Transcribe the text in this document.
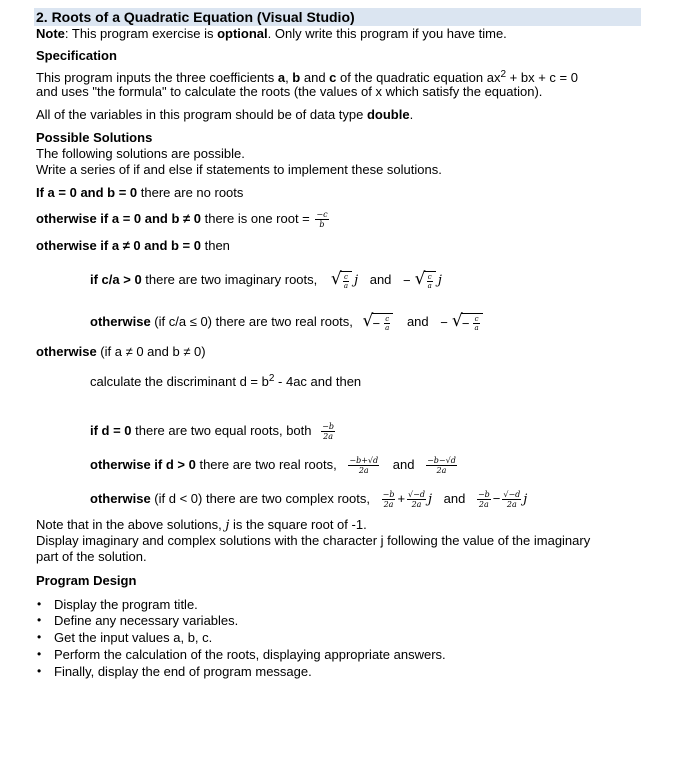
2. Roots of a Quadratic Equation (Visual Studio)
Note: This program exercise is optional. Only write this program if you have time.
Specification
This program inputs the three coefficients a, b and c of the quadratic equation $ax^2$ + bx + c = 0
and uses "the formula" to calculate the roots (the values of x which satisfy the equation).
All of the variables in this program should be of data type double.
Possible Solutions
The following solutions are possible.
Write a series of if and else if statements to implement these solutions.
If a = 0 and b = 0 there are no roots
otherwise if a = 0 and b ≠ 0 there is one root = $\frac{-c}{b}$
otherwise if a ≠ 0 and b = 0 then
if c/a > 0 there are two imaginary roots, √ $\frac{c}{a}$ j and − √ $\frac{c}{a}$ j
otherwise (if c/a ≤ 0) there are two real roots, √ − $\frac{c}{a}$ and − √ − $\frac{c}{a}$
otherwise (if a ≠ 0 and b ≠ 0)
calculate the discriminant $d = b^2 - 4ac$ and then
if d = 0 there are two equal roots, both $\frac{-b}{2a}$
otherwise if d > 0 there are two real roots, $\frac{-b+√d}{2a}$ and $\frac{-b-√d}{2a}$
otherwise (if d < 0) there are two complex roots, $\frac{-b}{2a} + \frac{√-d}{2a}$ j and $\frac{-b}{2a} - \frac{√-d}{2a}$ j
Note that in the above solutions, j is the square root of -1.
Display imaginary and complex solutions with the character j following the value of the imaginary
part of the solution.
Program Design
• Display the program title.
• Define any necessary variables.
• Get the input values a, b, c.
• Perform the calculation of the roots, displaying appropriate answers.
• Finally, display the end of program message.
